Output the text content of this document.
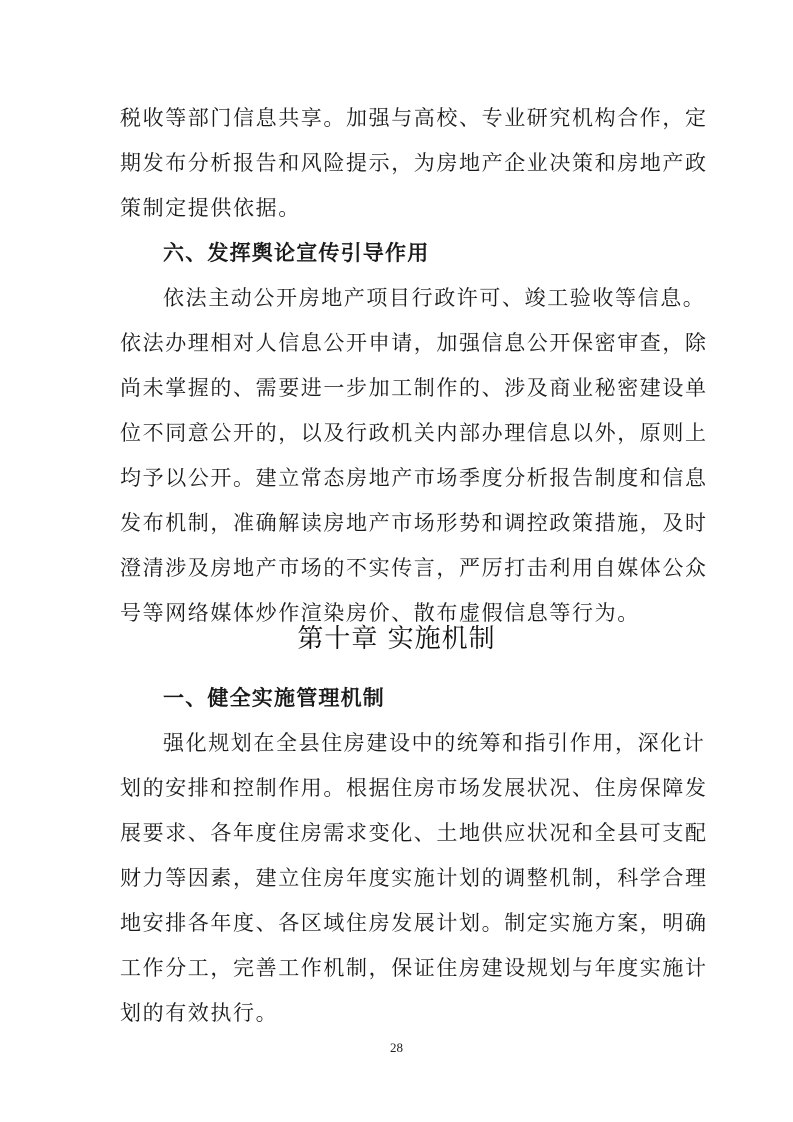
税收等部门信息共享。加强与高校、专业研究机构合作，定
期发布分析报告和风险提示，为房地产企业决策和房地产政
策制定提供依据。
六、发挥舆论宣传引导作用
依法主动公开房地产项目行政许可、竣工验收等信息。
依法办理相对人信息公开申请，加强信息公开保密审查，除
尚未掌握的、需要进一步加工制作的、涉及商业秘密建设单
位不同意公开的，以及行政机关内部办理信息以外，原则上
均予以公开。建立常态房地产市场季度分析报告制度和信息
发布机制，准确解读房地产市场形势和调控政策措施，及时
澄清涉及房地产市场的不实传言，严厉打击利用自媒体公众
号等网络媒体炒作渲染房价、散布虚假信息等行为。
第十章 实施机制
一、健全实施管理机制
强化规划在全县住房建设中的统筹和指引作用，深化计
划的安排和控制作用。根据住房市场发展状况、住房保障发
展要求、各年度住房需求变化、土地供应状况和全县可支配
财力等因素，建立住房年度实施计划的调整机制，科学合理
地安排各年度、各区域住房发展计划。制定实施方案，明确
工作分工，完善工作机制，保证住房建设规划与年度实施计
划的有效执行。
28
